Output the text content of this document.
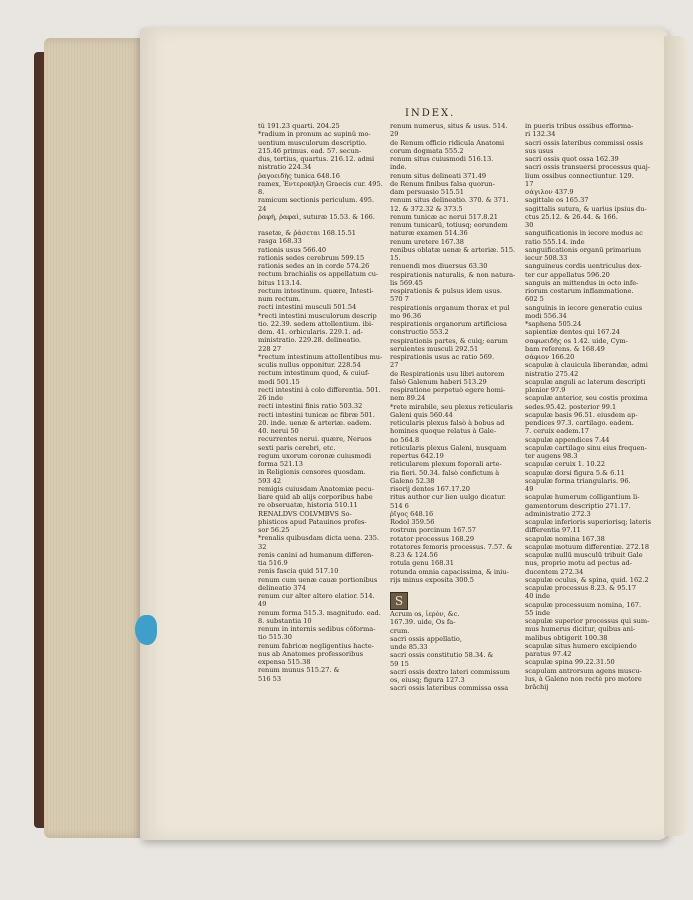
INDEX.
tŭ 191.23 quarti. 204.25
*radium in pronum ac supinŭ mo-
uentium musculorum descriptio.
215.46 primus. ead. 57. secun-
dus, tertius, quartus. 216.12. admi
nistratio 224.34
ῥαγοειδὴς tunica 648.16
ramex, Ἐντεροκήλη Graecis cur. 495.
8.
ramicum sectionis periculum. 495.
24
ῥαφὴ, ῥαφαὶ, suturæ 15.53. & 166.
rasetæ, & ῥάσεται 168.15.51
rasga 168.33
rationis usus 566.40
rationis sedes cerebrum 599.15
rationis sedes an in corde 574.26
rectum brachialis os appellatum cu-
bitus 113.14.
rectum intestinum. quære, Intesti-
num rectum.
recti intestini musculi 501.54
*recti intestini musculorum descrip
tio. 22.39. sedem attollentium. ibi-
dem. 41. orbicularis. 229.1. ad-
ministratio. 229.28. delineatio.
228 27
*rectum intestinum attollentibus mu-
sculis nullus opponitur. 228.54
rectum intestinum quod, & cuiuf-
modi 501.15
recti intestini à colo differentia. 501.
26 inde
recti intestini finis ratio 503.32
recti intestini tunicæ ac fibræ 501.
20. inde. uenæ & arteriæ. eadem.
40. nerui 50
recurrentes nerui. quære, Neruos
sexti paris cerebri, etc.
regum uxorum coronæ cuiusmodi
forma 521.13
in Religionis censores quosdam.
593 42
remigis cuiusdam Anatomiæ pecu-
liare quid ab alijs corporibus habe
re obseruatæ, historia 510.11
RENALDVS COLVMBVS So-
phisticos apud Patauinos profes-
sor 56.25
*renalis quibusdam dicta uena. 235.
32
renis canini ad humanum differen-
tia 516.9
renis fascia quid 517.10
renum cum uenæ cauæ portionibus
delineatio 374
renum cur alter altero elatior. 514.
49
renum forma 515.3. magnitudo. ead.
8. substantia 10
renum in internis sedibus cōforma-
tio 515.30
renum fabricæ negligentius hacte-
nus ab Anatomes professoribus
expensa 515.38
renum munus 515.27. &
516 53
renum numerus, situs & usus. 514.
29
de Renum officio ridicula Anatomi
corum dogmata 555.2
renum situs cuiusmodi 516.13.
inde.
renum situs delineati 371.49
de Renum finibus falsa quorun-
dam persuasio 515.51
renum situs delineatio. 370. & 371.
12. & 372.32 & 373.5
renum tunicæ ac nerui 517.8.21
renum tunicarū, totiusq; eorundem
naturæ examen 514.36
renum uretere 167.38
renibus oblatæ uenæ & arteriæ. 515.
15.
renuendi mos diuersus 63.30
respirationis naturalis, & non natura-
lis 569.45
respirationis & pulsus idem usus.
570 7
respirationis organum thorax et pul
mo 96.36
respirationis organorum artificiosa
constructio 553.2
respirationis partes, & cuiq; earum
seruientes musculi 292.51
respirationis usus ac ratio 569.
27
de Respirationis usu libri autorem
falsò Galenum haberi 513.29
respiratione perpetuò egere homi-
nem 89.24
*rete mirabile, seu plexus reticularis
Galeni quis 560.44
reticularis plexus falsò à bobus ad
homines quoque relatus à Gale-
no 564.8
reticularis plexus Galeni, nusquam
repertus 642.19
reticularem plexum foporali arte-
ria fieri. 50.34. falsò confictum à
Galeno 52.38
risorij dentes 167.17.20
ritus author cur lien uulgo dicatur.
514 6
ῥῖγος 648.16
Rodol 359.56
rostrum porcinum 167.57
rotator processus 168.29
rotatores femoris processus. 7.57. &
8.23 & 124.56
rotula genu 168.31
rotunda omnia capacissima, & iniu-
rijs minus exposita 300.5
S
Acrum os, ἱερὸν, &c.
167.39. uide, Os fa-
crum.
sacri ossis appellatio,
unde 85.33
sacri ossis constitutio 58.34. &
59 15
sacri ossis dextro lateri commissum
os, eiusq; figura 127.3
sacri ossis lateribus commissa ossa
in pueris tribus ossibus efforma-
ri 132.34
sacri ossis lateribus commissi ossis
sus usus
sacri ossis quot ossa 162.39
sacri ossis transuersi processus quaj-
lium ossibus connectiuntur. 129.
17
σάγιλον 437.9
sagittale os 165.37
sagittalis sutura, & uarius ipsius du-
ctus 25.12. & 26.44. & 166.
30
sanguificationis in iecore modus ac
ratio 555.14. inde
sanguificationis organū primarium
iecur 508.33
sanguineus cordis uentriculus dex-
ter cur appellatus 596.20
sanguis an mittendus in octo infe-
riorum costarum inflammatione.
602 5
sanguinis in iecore generatio cuius
modi 556.34
*saphena 505.24
sapientiæ dentes qui 167.24
σαφωειδὴς os 1.42. uide, Cym-
bam referens. & 168.49
σάφιον 166.20
scapulæ à clauicula liberandæ, admi
nistratio 275.42
scapulæ anguli ac laterum descripti
plenior 97.9
scapulæ anterior, seu costis proxima
sedes.95.42. posterior 99.1
scapulæ basis 96.51. eiusdem ap-
pendices 97.3. cartilago. eadem.
7. ceruix eadem.17
scapulæ appendices 7.44
scapulæ cartilago sinu eius frequen-
ter augens 98.3
scapulæ ceruix 1. 10.22
scapulæ dorsi figura 5.& 6.11
scapulæ forma triangularis. 96.
49
scapulæ humerum colligantium li-
gamentorum descriptio 271.17.
administratio 272.3
scapulæ inferioris superiorisq; lateris
differentia 97.11
scapulæ nomina 167.38
scapulæ motuum differentiæ. 272.18
scapulæ nullū musculū tribuit Gale
nus, proprio motu ad pectus ad-
ducentem 272.34
scapulæ oculus, & spina, quid. 162.2
scapulæ processus 8.23. & 95.17
40 inde
scapulæ processuum nomina, 167.
55 inde
scapulæ superior processus qui sum-
mus humerus dicitur, quibus ani-
malibus obtigerit 100.38
scapulæ situs humero excipiendo
paratus 97.42
scapulæ spina 99.22.31.50
scapulam antrorsum agens muscu-
lus, à Galeno non rectè pro motore
brāchij
